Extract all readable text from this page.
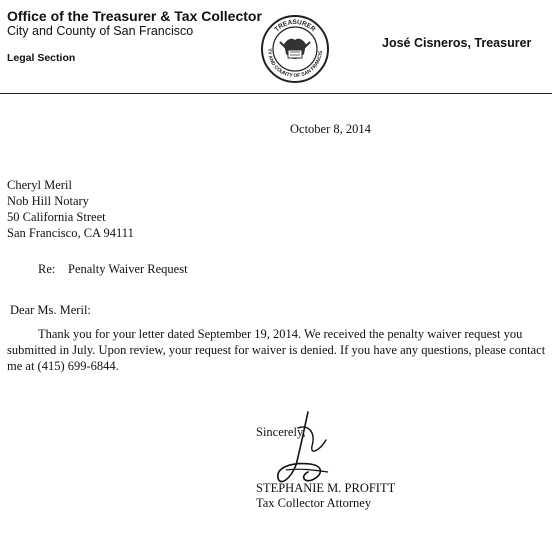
Office of the Treasurer & Tax Collector
City and County of San Francisco
Legal Section
TREASURER
TY AND COUNTY OF SAN FRANCIS
José Cisneros, Treasurer
October 8, 2014
Cheryl Meril
Nob Hill Notary
50 California Street
San Francisco, CA 94111
Re: Penalty Waiver Request
Dear Ms. Meril:
Thank you for your letter dated September 19, 2014. We received the penalty waiver request you
submitted in July. Upon review, your request for waiver is denied. If you have any questions, please contact
me at (415) 699-6844.
Sincerely,
STEPHANIE M. PROFITT
Tax Collector Attorney
